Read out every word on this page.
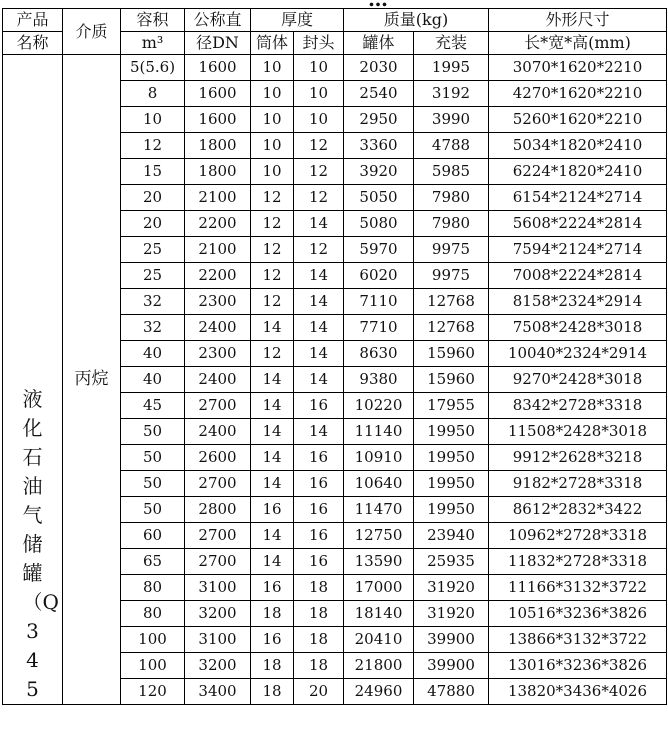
产品	介质	容积	公称直	厚度		质量(kg)		外形尺寸
名称		m³	径DN	筒体	封头	罐体	充装	长*宽*高(mm)

液化石油气储罐（Q345	丙烷	5(5.6)	1600	10	10	2030	1995	3070*1620*2210
		8	1600	10	10	2540	3192	4270*1620*2210
		10	1600	10	10	2950	3990	5260*1620*2210
		12	1800	10	12	3360	4788	5034*1820*2410
		15	1800	10	12	3920	5985	6224*1820*2410
		20	2100	12	12	5050	7980	6154*2124*2714
		20	2200	12	14	5080	7980	5608*2224*2814
		25	2100	12	12	5970	9975	7594*2124*2714
		25	2200	12	14	6020	9975	7008*2224*2814
		32	2300	12	14	7110	12768	8158*2324*2914
		32	2400	14	14	7710	12768	7508*2428*3018
		40	2300	12	14	8630	15960	10040*2324*2914
		40	2400	14	14	9380	15960	9270*2428*3018
		45	2700	14	16	10220	17955	8342*2728*3318
		50	2400	14	14	11140	19950	11508*2428*3018
		50	2600	14	16	10910	19950	9912*2628*3218
		50	2700	14	16	10640	19950	9182*2728*3318
		50	2800	16	16	11470	19950	8612*2832*3422
		60	2700	14	16	12750	23940	10962*2728*3318
		65	2700	14	16	13590	25935	11832*2728*3318
		80	3100	16	18	17000	31920	11166*3132*3722
		80	3200	18	18	18140	31920	10516*3236*3826
		100	3100	16	18	20410	39900	13866*3132*3722
		100	3200	18	18	21800	39900	13016*3236*3826
		120	3400	18	20	24960	47880	13820*3436*4026
